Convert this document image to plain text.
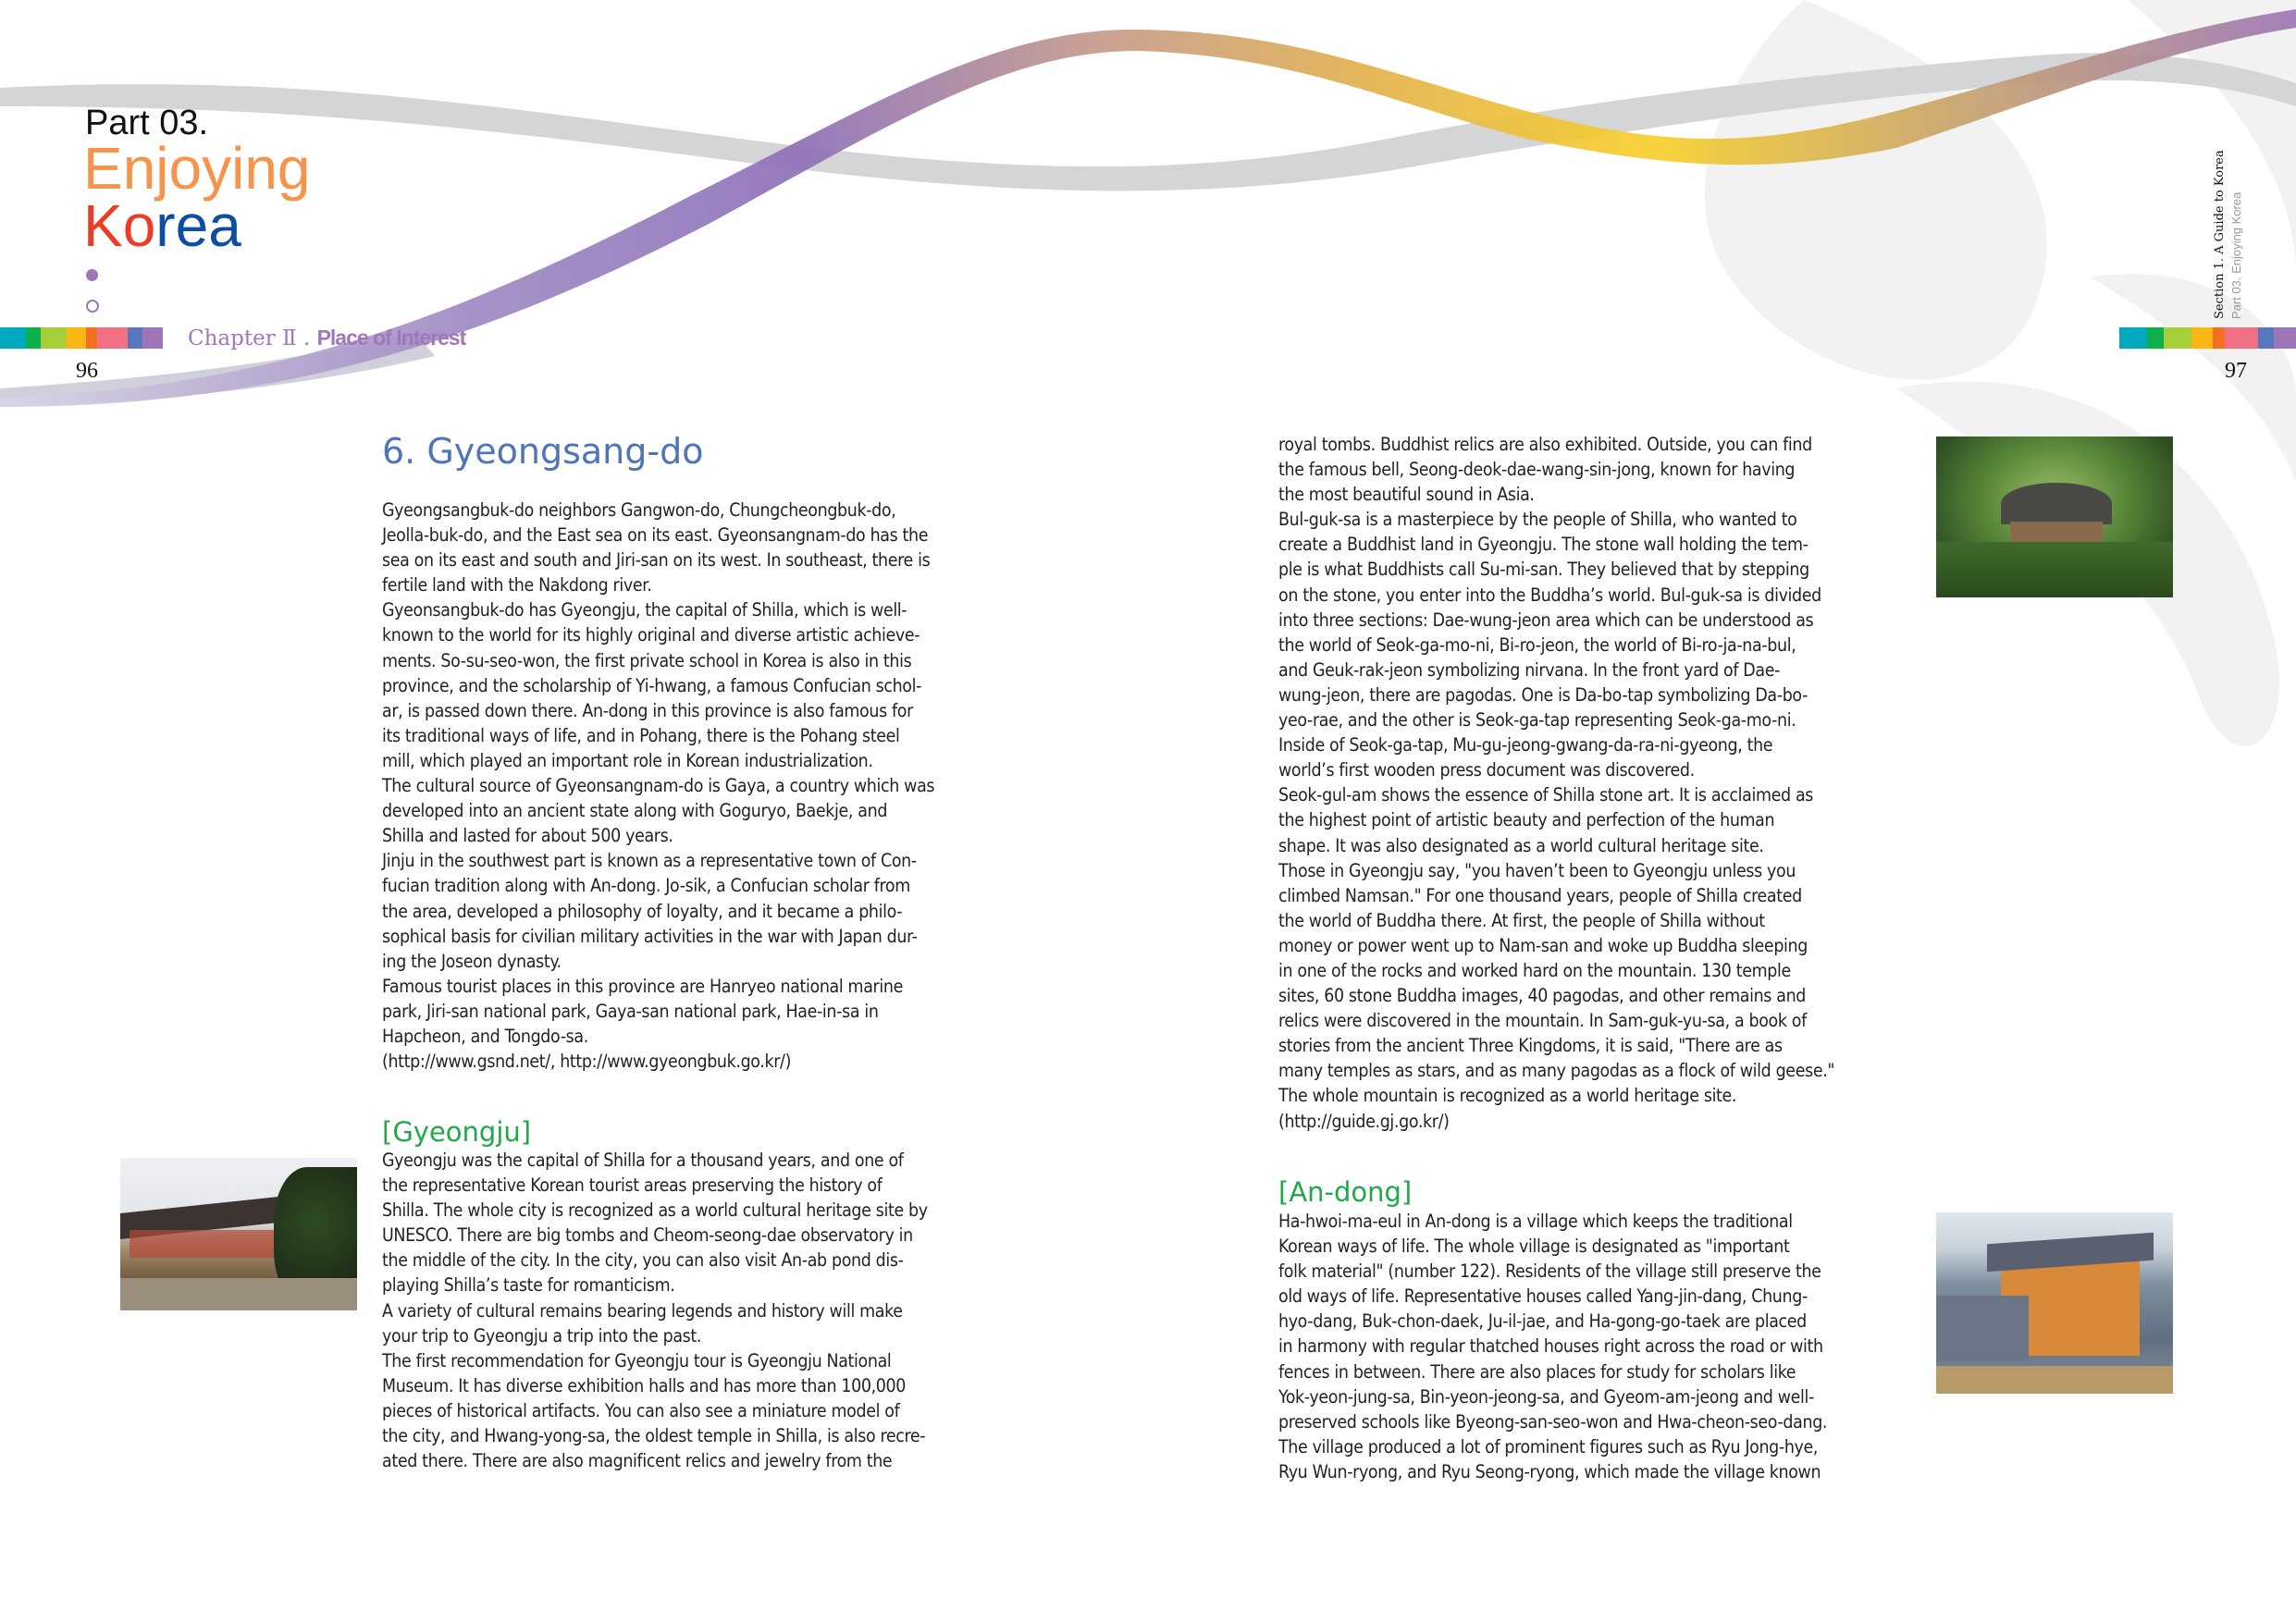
Part 03.
Enjoying
Korea
Chapter Ⅱ . Place of Interest
96	97
Section 1. A Guide to Korea Part 03. Enjoying Korea
6. Gyeongsang-do
Gyeongsangbuk-do neighbors Gangwon-do, Chungcheongbuk-do,
Jeolla-buk-do, and the East sea on its east. Gyeonsangnam-do has the
sea on its east and south and Jiri-san on its west. In southeast, there is
fertile land with the Nakdong river.
Gyeonsangbuk-do has Gyeongju, the capital of Shilla, which is well-
known to the world for its highly original and diverse artistic achieve-
ments. So-su-seo-won, the first private school in Korea is also in this
province, and the scholarship of Yi-hwang, a famous Confucian schol-
ar, is passed down there. An-dong in this province is also famous for
its traditional ways of life, and in Pohang, there is the Pohang steel
mill, which played an important role in Korean industrialization.
The cultural source of Gyeonsangnam-do is Gaya, a country which was
developed into an ancient state along with Goguryo, Baekje, and
Shilla and lasted for about 500 years.
Jinju in the southwest part is known as a representative town of Con-
fucian tradition along with An-dong. Jo-sik, a Confucian scholar from
the area, developed a philosophy of loyalty, and it became a philo-
sophical basis for civilian military activities in the war with Japan dur-
ing the Joseon dynasty.
Famous tourist places in this province are Hanryeo national marine
park, Jiri-san national park, Gaya-san national park, Hae-in-sa in
Hapcheon, and Tongdo-sa.
(http://www.gsnd.net/, http://www.gyeongbuk.go.kr/)
[Gyeongju]
Gyeongju was the capital of Shilla for a thousand years, and one of
the representative Korean tourist areas preserving the history of
Shilla. The whole city is recognized as a world cultural heritage site by
UNESCO. There are big tombs and Cheom-seong-dae observatory in
the middle of the city. In the city, you can also visit An-ab pond dis-
playing Shilla’s taste for romanticism.
A variety of cultural remains bearing legends and history will make
your trip to Gyeongju a trip into the past.
The first recommendation for Gyeongju tour is Gyeongju National
Museum. It has diverse exhibition halls and has more than 100,000
pieces of historical artifacts. You can also see a miniature model of
the city, and Hwang-yong-sa, the oldest temple in Shilla, is also recre-
ated there. There are also magnificent relics and jewelry from the
royal tombs. Buddhist relics are also exhibited. Outside, you can find
the famous bell, Seong-deok-dae-wang-sin-jong, known for having
the most beautiful sound in Asia.
Bul-guk-sa is a masterpiece by the people of Shilla, who wanted to
create a Buddhist land in Gyeongju. The stone wall holding the tem-
ple is what Buddhists call Su-mi-san. They believed that by stepping
on the stone, you enter into the Buddha’s world. Bul-guk-sa is divided
into three sections: Dae-wung-jeon area which can be understood as
the world of Seok-ga-mo-ni, Bi-ro-jeon, the world of Bi-ro-ja-na-bul,
and Geuk-rak-jeon symbolizing nirvana. In the front yard of Dae-
wung-jeon, there are pagodas. One is Da-bo-tap symbolizing Da-bo-
yeo-rae, and the other is Seok-ga-tap representing Seok-ga-mo-ni.
Inside of Seok-ga-tap, Mu-gu-jeong-gwang-da-ra-ni-gyeong, the
world’s first wooden press document was discovered.
Seok-gul-am shows the essence of Shilla stone art. It is acclaimed as
the highest point of artistic beauty and perfection of the human
shape. It was also designated as a world cultural heritage site.
Those in Gyeongju say, "you haven’t been to Gyeongju unless you
climbed Namsan." For one thousand years, people of Shilla created
the world of Buddha there. At first, the people of Shilla without
money or power went up to Nam-san and woke up Buddha sleeping
in one of the rocks and worked hard on the mountain. 130 temple
sites, 60 stone Buddha images, 40 pagodas, and other remains and
relics were discovered in the mountain. In Sam-guk-yu-sa, a book of
stories from the ancient Three Kingdoms, it is said, "There are as
many temples as stars, and as many pagodas as a flock of wild geese."
The whole mountain is recognized as a world heritage site.
(http://guide.gj.go.kr/)
[An-dong]
Ha-hwoi-ma-eul in An-dong is a village which keeps the traditional
Korean ways of life. The whole village is designated as "important
folk material" (number 122). Residents of the village still preserve the
old ways of life. Representative houses called Yang-jin-dang, Chung-
hyo-dang, Buk-chon-daek, Ju-il-jae, and Ha-gong-go-taek are placed
in harmony with regular thatched houses right across the road or with
fences in between. There are also places for study for scholars like
Yok-yeon-jung-sa, Bin-yeon-jeong-sa, and Gyeom-am-jeong and well-
preserved schools like Byeong-san-seo-won and Hwa-cheon-seo-dang.
The village produced a lot of prominent figures such as Ryu Jong-hye,
Ryu Wun-ryong, and Ryu Seong-ryong, which made the village known
